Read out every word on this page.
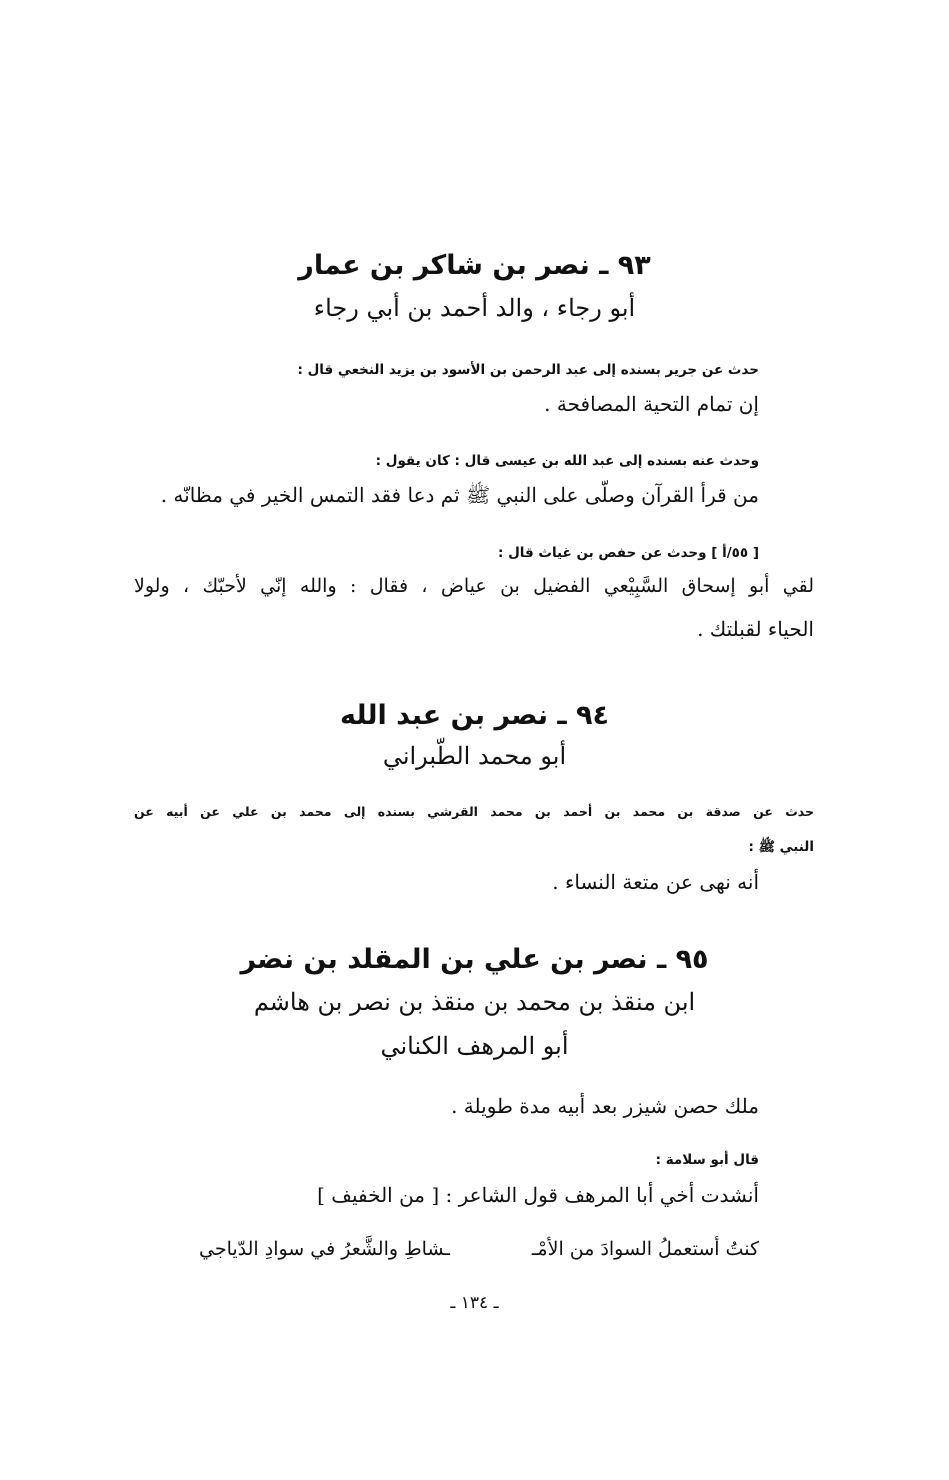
٩٣ ـ نصر بن شاكر بن عمار
أبو رجاء ، والد أحمد بن أبي رجاء
حدث عن جرير بسنده إلى عبد الرحمن بن الأسود بن يزيد النخعي قال :
إن تمام التحية المصافحة .
وحدث عنه بسنده إلى عبد الله بن عيسى قال : كان يقول :
من قرأ القرآن وصلّى على النبي ﷺ ثم دعا فقد التمس الخير في مظانّه .
[ ٥٥/أ ] وحدث عن حفص بن غياث قال :
لقي أبو إسحاق السَّبِيْعي الفضيل بن عياض ، فقال : والله إنّي لأحبّك ، ولولا
الحياء لقبلتك .
٩٤ ـ نصر بن عبد الله
أبو محمد الطّبراني
حدث عن صدقة بن محمد بن أحمد بن محمد القرشي بسنده إلى محمد بن علي عن أبيه عن
النبي ﷺ :
أنه نهى عن متعة النساء .
٩٥ ـ نصر بن علي بن المقلد بن نضر
ابن منقذ بن محمد بن منقذ بن نصر بن هاشم
أبو المرهف الكناني
ملك حصن شيزر بعد أبيه مدة طويلة .
قال أبو سلامة :
أنشدت أخي أبا المرهف قول الشاعر : [ من الخفيف ]
كنتُ أستعملُ السوادَ من الأمْـ
ـشاطِ والشَّعرُ في سوادِ الدّياجي
ـ ١٣٤ ـ
